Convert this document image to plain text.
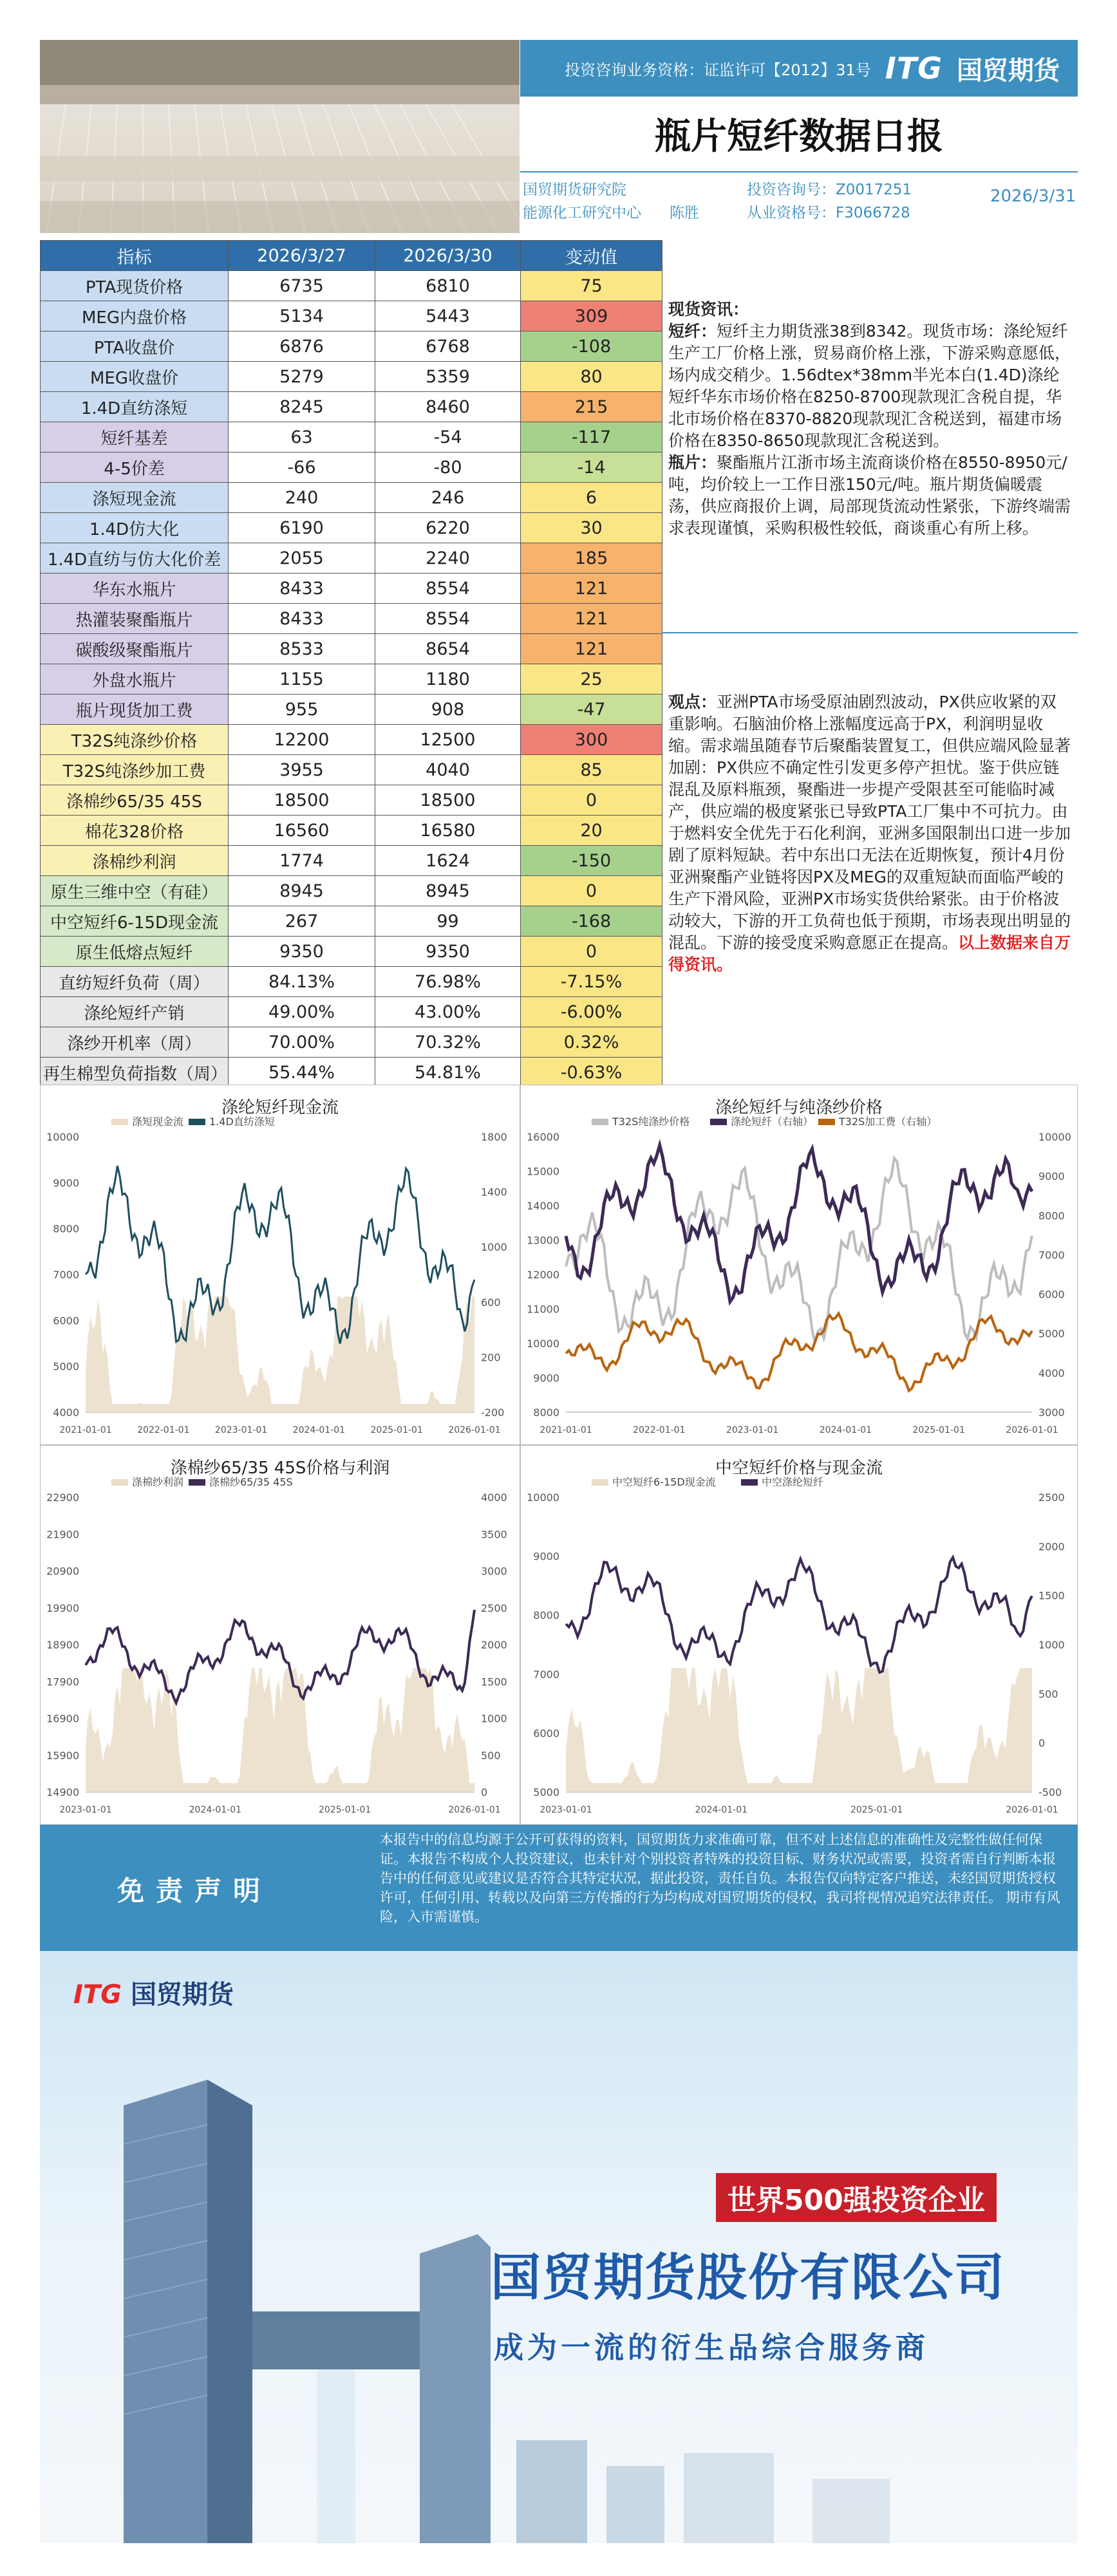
投资咨询业务资格：证监许可【2012】31号 ITG 国贸期货
瓶片短纤数据日报
国贸期货研究院
能源化工研究中心 陈胜
投资咨询号：Z0017251
从业资格号：F3066728
2026/3/31
指标	2026/3/27	2026/3/30	变动值
PTA现货价格	6735	6810	75
MEG内盘价格	5134	5443	309
PTA收盘价	6876	6768	-108
MEG收盘价	5279	5359	80
1.4D直纺涤短	8245	8460	215
短纤基差	63	-54	-117
4-5价差	-66	-80	-14
涤短现金流	240	246	6
1.4D仿大化	6190	6220	30
1.4D直纺与仿大化价差	2055	2240	185
华东水瓶片	8433	8554	121
热灌装聚酯瓶片	8433	8554	121
碳酸级聚酯瓶片	8533	8654	121
外盘水瓶片	1155	1180	25
瓶片现货加工费	955	908	-47
T32S纯涤纱价格	12200	12500	300
T32S纯涤纱加工费	3955	4040	85
涤棉纱65/35 45S	18500	18500	0
棉花328价格	16560	16580	20
涤棉纱利润	1774	1624	-150
原生三维中空（有硅）	8945	8945	0
中空短纤6-15D现金流	267	99	-168
原生低熔点短纤	9350	9350	0
直纺短纤负荷（周）	84.13%	76.98%	-7.15%
涤纶短纤产销	49.00%	43.00%	-6.00%
涤纱开机率（周）	70.00%	70.32%	0.32%
再生棉型负荷指数（周）	55.44%	54.81%	-0.63%
现货资讯：
短纤：短纤主力期货涨38到8342。现货市场：涤纶短纤生产工厂价格上涨，贸易商价格上涨，下游采购意愿低，场内成交稍少。1.56dtex*38mm半光本白(1.4D)涤纶短纤华东市场价格在8250-8700现款现汇含税自提，华北市场价格在8370-8820现款现汇含税送到，福建市场价格在8350-8650现款现汇含税送到。
瓶片：聚酯瓶片江浙市场主流商谈价格在8550-8950元/吨，均价较上一工作日涨150元/吨。瓶片期货偏暖震荡，供应商报价上调，局部现货流动性紧张，下游终端需求表现谨慎，采购积极性较低，商谈重心有所上移。
观点：亚洲PTA市场受原油剧烈波动，PX供应收紧的双重影响。石脑油价格上涨幅度远高于PX，利润明显收缩。需求端虽随春节后聚酯装置复工，但供应端风险显著加剧：PX供应不确定性引发更多停产担忧。鉴于供应链混乱及原料瓶颈，聚酯进一步提产受限甚至可能临时减产，供应端的极度紧张已导致PTA工厂集中不可抗力。由于燃料安全优先于石化利润，亚洲多国限制出口进一步加剧了原料短缺。若中东出口无法在近期恢复，预计4月份亚洲聚酯产业链将因PX及MEG的双重短缺而面临严峻的生产下滑风险，亚洲PX市场实货供给紧张。由于价格波动较大，下游的开工负荷也低于预期，市场表现出明显的混乱。下游的接受度采购意愿正在提高。以上数据来自万得资讯。
涤纶短纤现金流
涤短现金流 1.4D直纺涤短
10000
9000
8000
7000
6000
5000
4000
1800
1400
1000
600
200
-200
2021-01-01	2022-01-01	2023-01-01	2024-01-01	2025-01-01	2026-01-01
涤纶短纤与纯涤纱价格
T32S纯涤纱价格	涤纶短纤（右轴） T32S加工费（右轴）
16000
15000
14000
13000
12000
11000
10000
9000
8000
10000
9000
8000
7000
6000
5000
4000
3000
2021-01-01	2022-01-01	2023-01-01	2024-01-01	2025-01-01	2026-01-01
涤棉纱65/35 45S价格与利润
涤棉纱利润 涤棉纱65/35 45S
22900
21900
20900
19900
18900
17900
16900
15900
14900
4000
3500
3000
2500
2000
1500
1000
500
0
2023-01-01	2024-01-01	2025-01-01	2026-01-01
中空短纤价格与现金流
中空短纤6-15D现金流	中空涤纶短纤
10000
9000
8000
7000
6000
5000
2500
2000
1500
1000
500
0
-500
2023-01-01	2024-01-01	2025-01-01	2026-01-01
免责声明
本报告中的信息均源于公开可获得的资料，国贸期货力求准确可靠，但不对上述信息的准确性及完整性做任何保证。本报告不构成个人投资建议，也未针对个别投资者特殊的投资目标、财务状况或需要，投资者需自行判断本报告中的任何意见或建议是否符合其特定状况，据此投资，责任自负。本报告仅向特定客户推送，未经国贸期货授权许可，任何引用、转载以及向第三方传播的行为均构成对国贸期货的侵权，我司将视情况追究法律责任。 期市有风险，入市需谨慎。
ITG 国贸期货
世界500强投资企业
国贸期货股份有限公司
成为一流的衍生品综合服务商
